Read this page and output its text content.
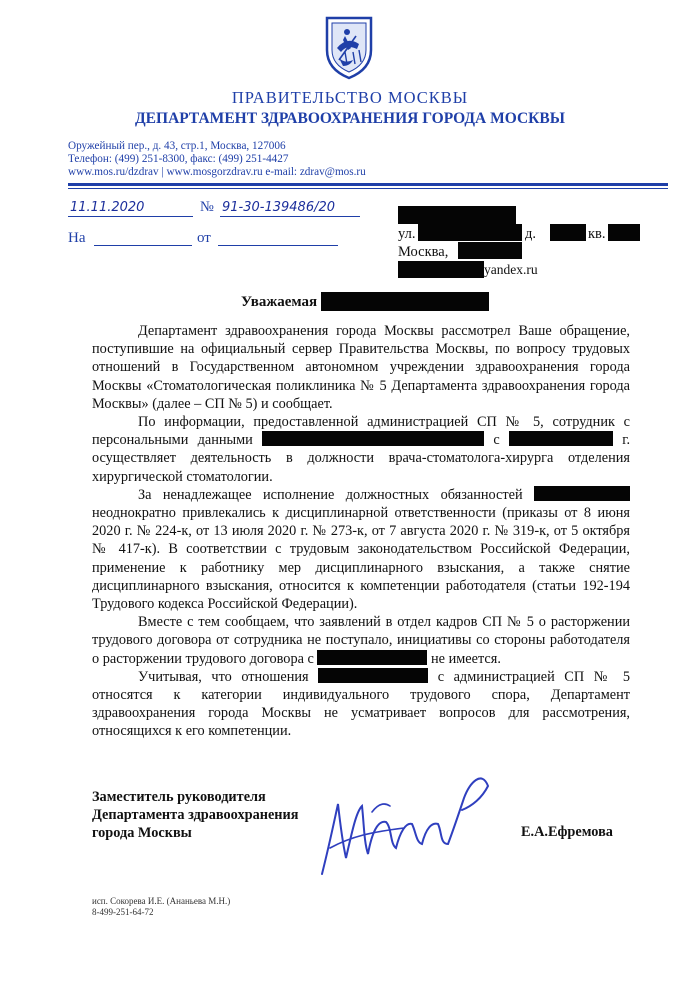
ПРАВИТЕЛЬСТВО МОСКВЫ
ДЕПАРТАМЕНТ ЗДРАВООХРАНЕНИЯ ГОРОДА МОСКВЫ
Оружейный пер., д. 43, стр.1, Москва, 127006
Телефон: (499) 251-8300, факс: (499) 251-4427
www.mos.ru/dzdrav | www.mosgorzdrav.ru e-mail: zdrav@mos.ru
11.11.2020	№ 91-30-139486/20
На	от	ул.	д.	кв.
Москва,
yandex.ru
Уважаемая

Департамент здравоохранения города Москвы рассмотрел Ваше обращение, поступившие на официальный сервер Правительства Москвы, по вопросу трудовых отношений в Государственном автономном учреждении здравоохранения города Москвы «Стоматологическая поликлиника № 5 Департамента здравоохранения города Москвы» (далее – СП № 5) и сообщает.

По информации, предоставленной администрацией СП № 5, сотрудник с персональными данными	с	г. осуществляет деятельность в должности врача-стоматолога-хирурга отделения хирургической стоматологии.

За ненадлежащее исполнение должностных обязанностей  неоднократно привлекались к дисциплинарной ответственности (приказы от 8 июня 2020 г. № 224-к, от 13 июля 2020 г. № 273-к, от 7 августа 2020 г. № 319-к, от 5 октября № 417-к). В соответствии с трудовым законодательством Российской Федерации, применение к работнику мер дисциплинарного взыскания, а также снятие дисциплинарного взыскания, относится к компетенции работодателя (статьи 192-194 Трудового кодекса Российской Федерации).

Вместе с тем сообщаем, что заявлений в отдел кадров СП № 5 о расторжении трудового договора от сотрудника не поступало, инициативы со стороны работодателя о расторжении трудового договора с	не имеется.

Учитывая, что отношения	с администрацией СП № 5 относятся к категории индивидуального трудового спора, Департамент здравоохранения города Москвы не усматривает вопросов для рассмотрения, относящихся к его компетенции.

Заместитель руководителя
Департамента здравоохранения
города Москвы	Е.А.Ефремова
исп. Сокорева И.Е. (Ананьева М.Н.)
8-499-251-64-72
